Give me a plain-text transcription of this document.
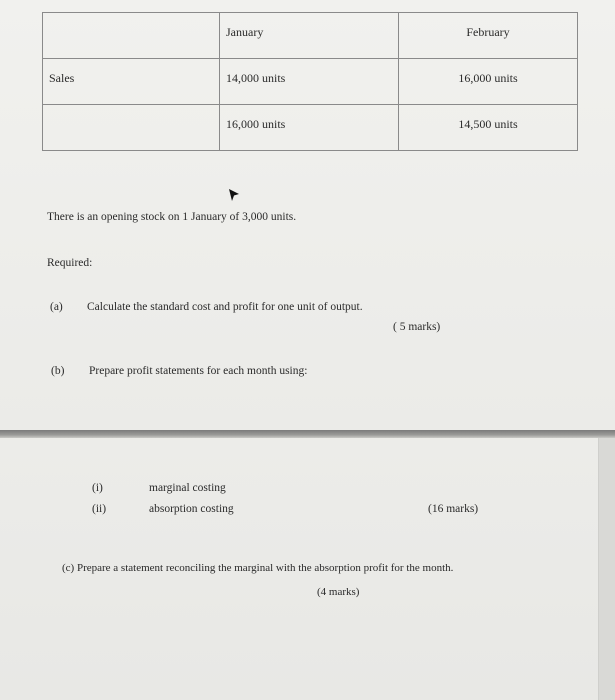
	January	February

Sales	14,000 units	16,000 units

	16,000 units	14,500 units
There is an opening stock on 1 January of 3,000 units.
Required:
(a) Calculate the standard cost and profit for one unit of output.
( 5 marks)
(b) Prepare profit statements for each month using:
(i)	marginal costing
(ii)	absorption costing	(16 marks)
(c) Prepare a statement reconciling the marginal with the absorption profit for the month.
(4 marks)
